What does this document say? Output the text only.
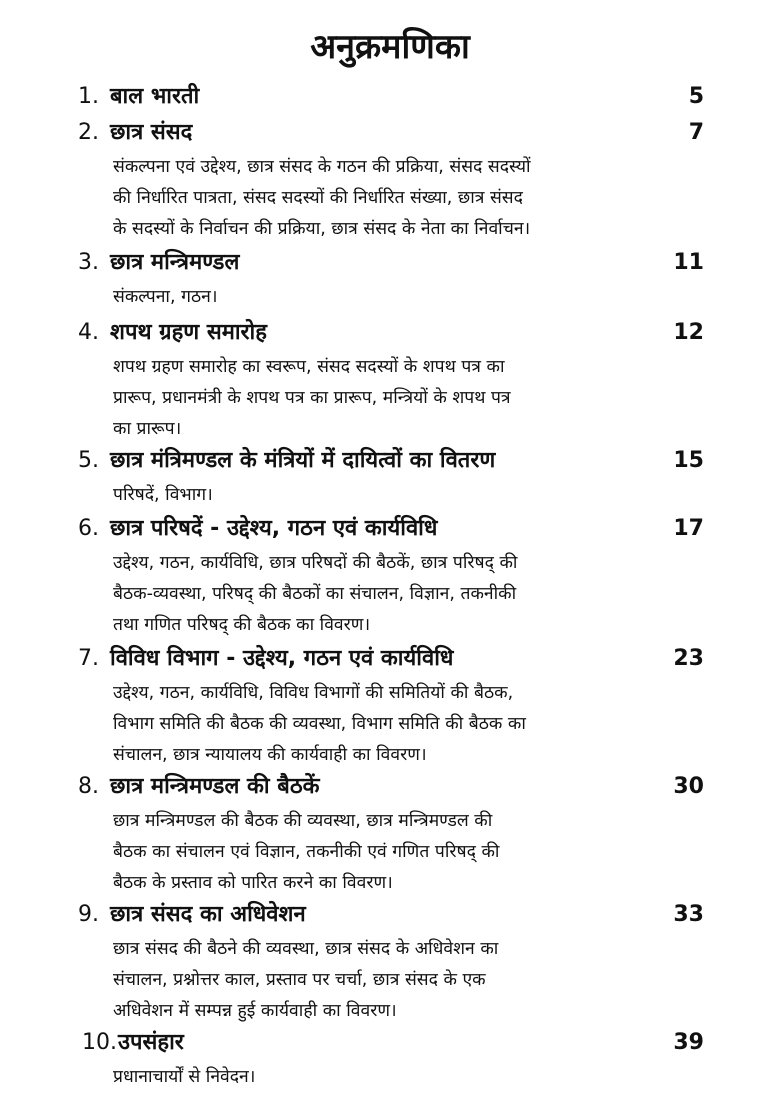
अनुक्रमणिका
1. बाल भारती	5
2. छात्र संसद	7

संकल्पना एवं उद्देश्य, छात्र संसद के गठन की प्रक्रिया, संसद सदस्यों
की निर्धारित पात्रता, संसद सदस्यों की निर्धारित संख्या, छात्र संसद
के सदस्यों के निर्वाचन की प्रक्रिया, छात्र संसद के नेता का निर्वाचन।

3. छात्र मन्त्रिमण्डल	11

संकल्पना, गठन।

4. शपथ ग्रहण समारोह	12

शपथ ग्रहण समारोह का स्वरूप, संसद सदस्यों के शपथ पत्र का
प्रारूप, प्रधानमंत्री के शपथ पत्र का प्रारूप, मन्त्रियों के शपथ पत्र
का प्रारूप।

5. छात्र मंत्रिमण्डल के मंत्रियों में दायित्वों का वितरण	15

परिषदें, विभाग।

6. छात्र परिषदें - उद्देश्य, गठन एवं कार्यविधि	17

उद्देश्य, गठन, कार्यविधि, छात्र परिषदों की बैठकें, छात्र परिषद् की
बैठक-व्यवस्था, परिषद् की बैठकों का संचालन, विज्ञान, तकनीकी
तथा गणित परिषद् की बैठक का विवरण।

7. विविध विभाग - उद्देश्य, गठन एवं कार्यविधि	23

उद्देश्य, गठन, कार्यविधि, विविध विभागों की समितियों की बैठक,
विभाग समिति की बैठक की व्यवस्था, विभाग समिति की बैठक का
संचालन, छात्र न्यायालय की कार्यवाही का विवरण।

8. छात्र मन्त्रिमण्डल की बैठकें	30

छात्र मन्त्रिमण्डल की बैठक की व्यवस्था, छात्र मन्त्रिमण्डल की
बैठक का संचालन एवं विज्ञान, तकनीकी एवं गणित परिषद् की
बैठक के प्रस्ताव को पारित करने का विवरण।

9. छात्र संसद का अधिवेशन	33

छात्र संसद की बैठने की व्यवस्था, छात्र संसद के अधिवेशन का
संचालन, प्रश्नोत्तर काल, प्रस्ताव पर चर्चा, छात्र संसद के एक
अधिवेशन में सम्पन्न हुई कार्यवाही का विवरण।

10. उपसंहार	39

प्रधानाचार्यों से निवेदन।
